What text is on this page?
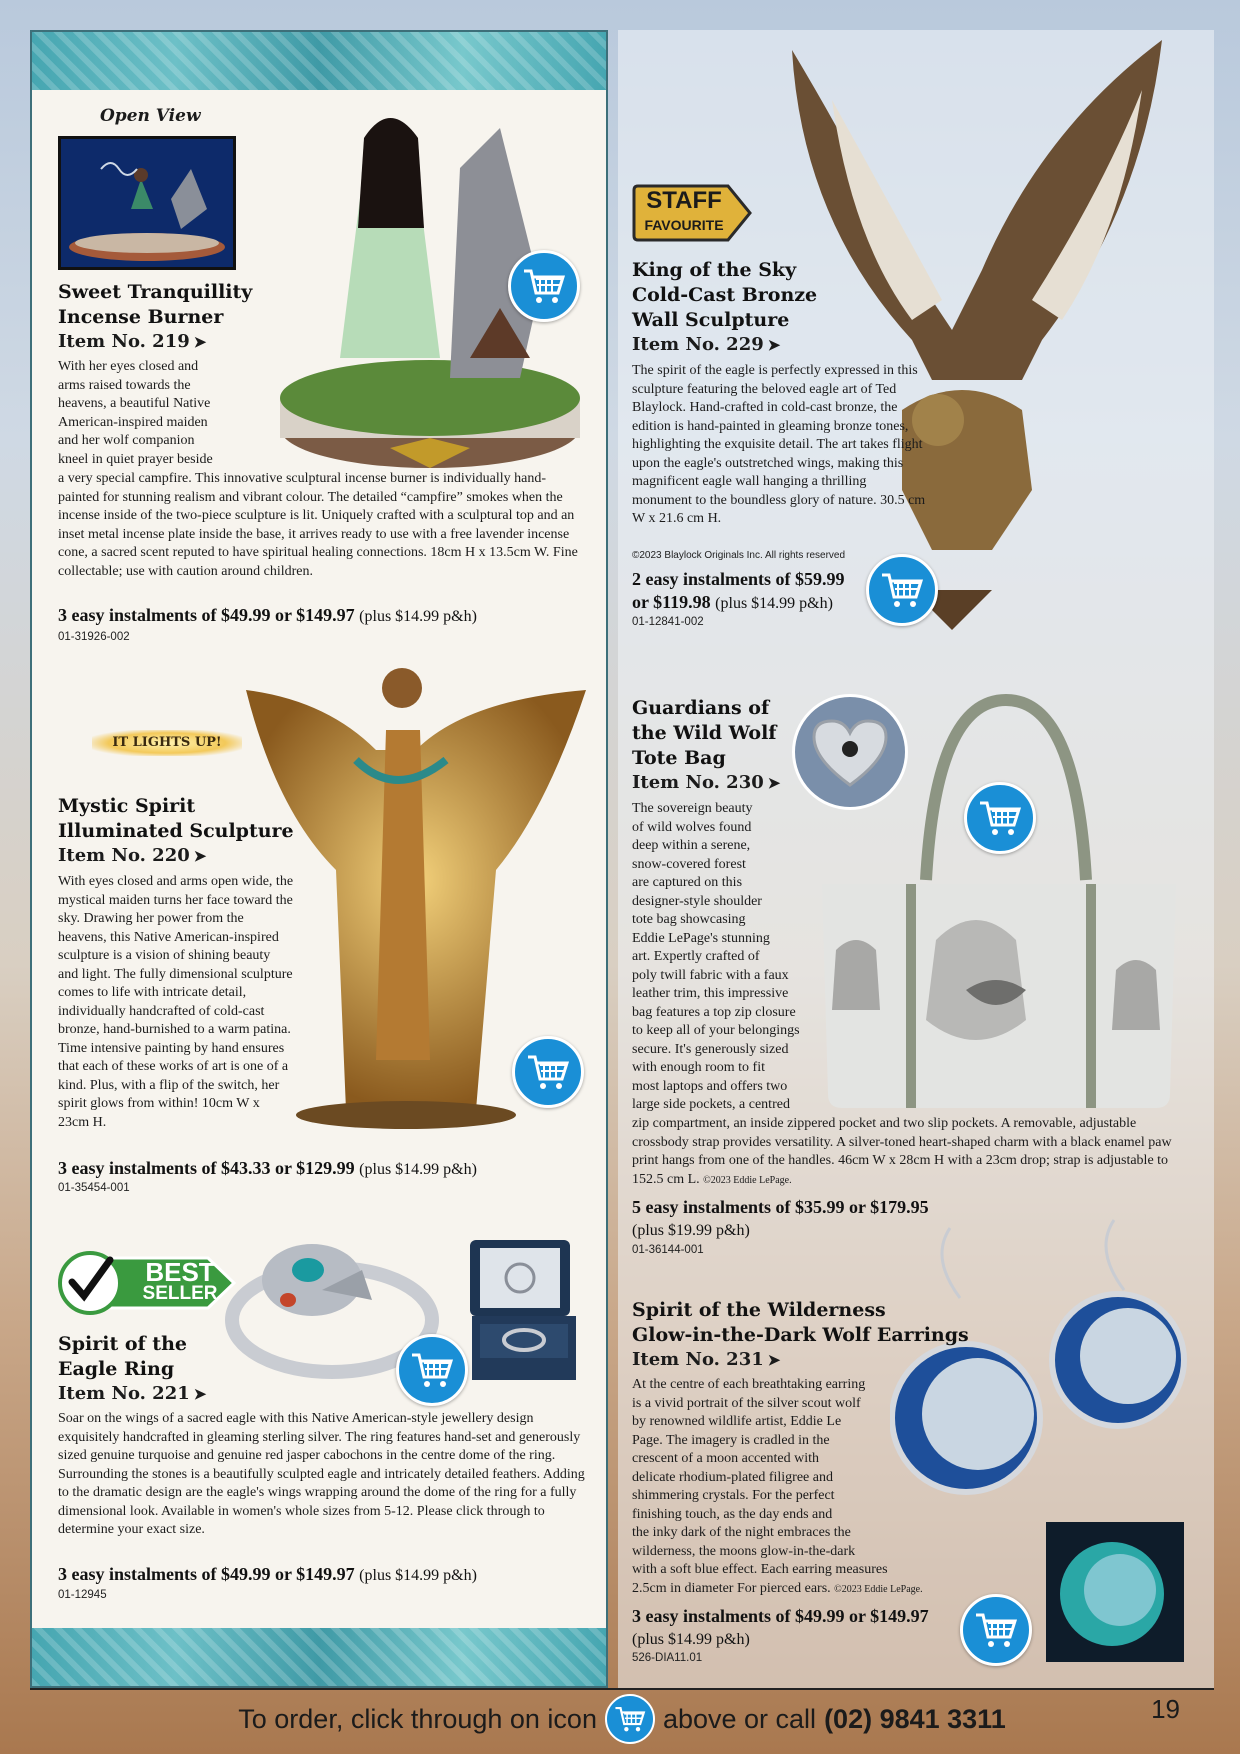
Open View
Sweet Tranquillity
Incense Burner
Item No. 219 ➤
With her eyes closed and
arms raised towards the
heavens, a beautiful Native
American-inspired maiden
and her wolf companion
kneel in quiet prayer beside
a very special campfire. This innovative sculptural incense burner is individually hand-painted for stunning realism and vibrant colour. The detailed “campfire” smokes when the incense inside of the two-piece sculpture is lit. Uniquely crafted with a sculptural top and an inset metal incense plate inside the base, it arrives ready to use with a free lavender incense cone, a sacred scent reputed to have spiritual healing connections. 18cm H x 13.5cm W. Fine collectable; use with caution around children.
3 easy instalments of $49.99 or $149.97 (plus $14.99 p&h)
01-31926-002
IT LIGHTS UP!
Mystic Spirit
Illuminated Sculpture
Item No. 220 ➤
With eyes closed and arms open wide, the mystical maiden turns her face toward the sky. Drawing her power from the heavens, this Native American-inspired sculpture is a vision of shining beauty and light. The fully dimensional sculpture comes to life with intricate detail, individually handcrafted of cold-cast bronze, hand-burnished to a warm patina. Time intensive painting by hand ensures that each of these works of art is one of a kind. Plus, with a flip of the switch, her spirit glows from within! 10cm W x 23cm H.
3 easy instalments of $43.33 or $129.99 (plus $14.99 p&h)
01-35454-001
BEST
SELLER
Spirit of the
Eagle Ring
Item No. 221 ➤
Soar on the wings of a sacred eagle with this Native American-style jewellery design exquisitely handcrafted in gleaming sterling silver. The ring features hand-set and generously sized genuine turquoise and genuine red jasper cabochons in the centre dome of the ring. Surrounding the stones is a beautifully sculpted eagle and intricately detailed feathers. Adding to the dramatic design are the eagle's wings wrapping around the dome of the ring for a fully dimensional look. Available in women's whole sizes from 5-12. Please click through to determine your exact size.
3 easy instalments of $49.99 or $149.97 (plus $14.99 p&h)
01-12945
STAFF
FAVOURITE
King of the Sky
Cold-Cast Bronze
Wall Sculpture
Item No. 229 ➤
The spirit of the eagle is perfectly expressed in this sculpture featuring the beloved eagle art of Ted Blaylock. Hand-crafted in cold-cast bronze, the edition is hand-painted in gleaming bronze tones, highlighting the exquisite detail. The art takes flight upon the eagle's outstretched wings, making this magnificent eagle wall hanging a thrilling monument to the boundless glory of nature. 30.5 cm W x 21.6 cm H.
©2023 Blaylock Originals Inc. All rights reserved
2 easy instalments of $59.99
or $119.98 (plus $14.99 p&h)
01-12841-002
Guardians of
the Wild Wolf
Tote Bag
Item No. 230 ➤
The sovereign beauty
of wild wolves found
deep within a serene,
snow-covered forest
are captured on this
designer-style shoulder
tote bag showcasing
Eddie LePage's stunning
art. Expertly crafted of
poly twill fabric with a faux
leather trim, this impressive
bag features a top zip closure
to keep all of your belongings
secure. It's generously sized
with enough room to fit
most laptops and offers two
large side pockets, a centred
zip compartment, an inside zippered pocket and two slip pockets. A removable, adjustable crossbody strap provides versatility. A silver-toned heart-shaped charm with a black enamel paw print hangs from one of the handles. 46cm W x 28cm H with a 23cm drop; strap is adjustable to 152.5 cm L. ©2023 Eddie LePage.
5 easy instalments of $35.99 or $179.95
(plus $19.99 p&h)
01-36144-001
Spirit of the Wilderness
Glow-in-the-Dark Wolf Earrings
Item No. 231 ➤
At the centre of each breathtaking earring
is a vivid portrait of the silver scout wolf
by renowned wildlife artist, Eddie Le
Page. The imagery is cradled in the
crescent of a moon accented with
delicate rhodium-plated filigree and
shimmering crystals. For the perfect
finishing touch, as the day ends and
the inky dark of the night embraces the
wilderness, the moons glow-in-the-dark
with a soft blue effect. Each earring measures
2.5cm in diameter For pierced ears. ©2023 Eddie LePage.
3 easy instalments of $49.99 or $149.97
(plus $14.99 p&h)
526-DIA11.01
To order, click through on icon above or call (02) 9841 3311	19
